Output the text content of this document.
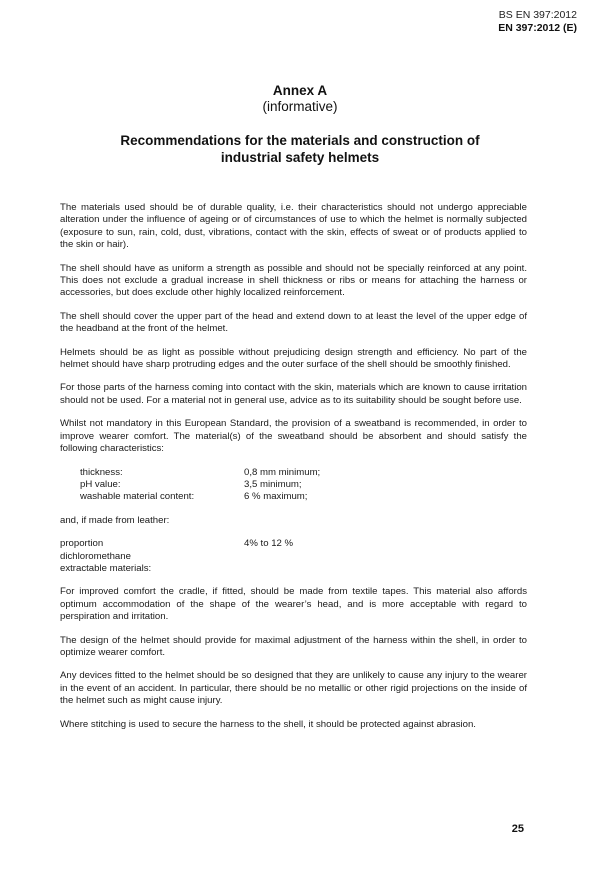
BS EN 397:2012
EN 397:2012 (E)
Annex A
(informative)
Recommendations for the materials and construction of industrial safety helmets

The materials used should be of durable quality, i.e. their characteristics should not undergo appreciable alteration under the influence of ageing or of circumstances of use to which the helmet is normally subjected (exposure to sun, rain, cold, dust, vibrations, contact with the skin, effects of sweat or of products applied to the skin or hair).

The shell should have as uniform a strength as possible and should not be specially reinforced at any point. This does not exclude a gradual increase in shell thickness or ribs or means for attaching the harness or accessories, but does exclude other highly localized reinforcement.

The shell should cover the upper part of the head and extend down to at least the level of the upper edge of the headband at the front of the helmet.

Helmets should be as light as possible without prejudicing design strength and efficiency. No part of the helmet should have sharp protruding edges and the outer surface of the shell should be smoothly finished.

For those parts of the harness coming into contact with the skin, materials which are known to cause irritation should not be used. For a material not in general use, advice as to its suitability should be sought before use.

Whilst not mandatory in this European Standard, the provision of a sweatband is recommended, in order to improve wearer comfort. The material(s) of the sweatband should be absorbent and should satisfy the following characteristics:

thickness:	0,8 mm minimum;
pH value:	3,5 minimum;
washable material content:	6 % maximum;

and, if made from leather:

proportion
dichloromethane
extractable materials:
4% to 12 %

For improved comfort the cradle, if fitted, should be made from textile tapes. This material also affords optimum accommodation of the shape of the wearer’s head, and is more acceptable with regard to perspiration and irritation.

The design of the helmet should provide for maximal adjustment of the harness within the shell, in order to optimize wearer comfort.

Any devices fitted to the helmet should be so designed that they are unlikely to cause any injury to the wearer in the event of an accident. In particular, there should be no metallic or other rigid projections on the inside of the helmet such as might cause injury.

Where stitching is used to secure the harness to the shell, it should be protected against abrasion.

25
